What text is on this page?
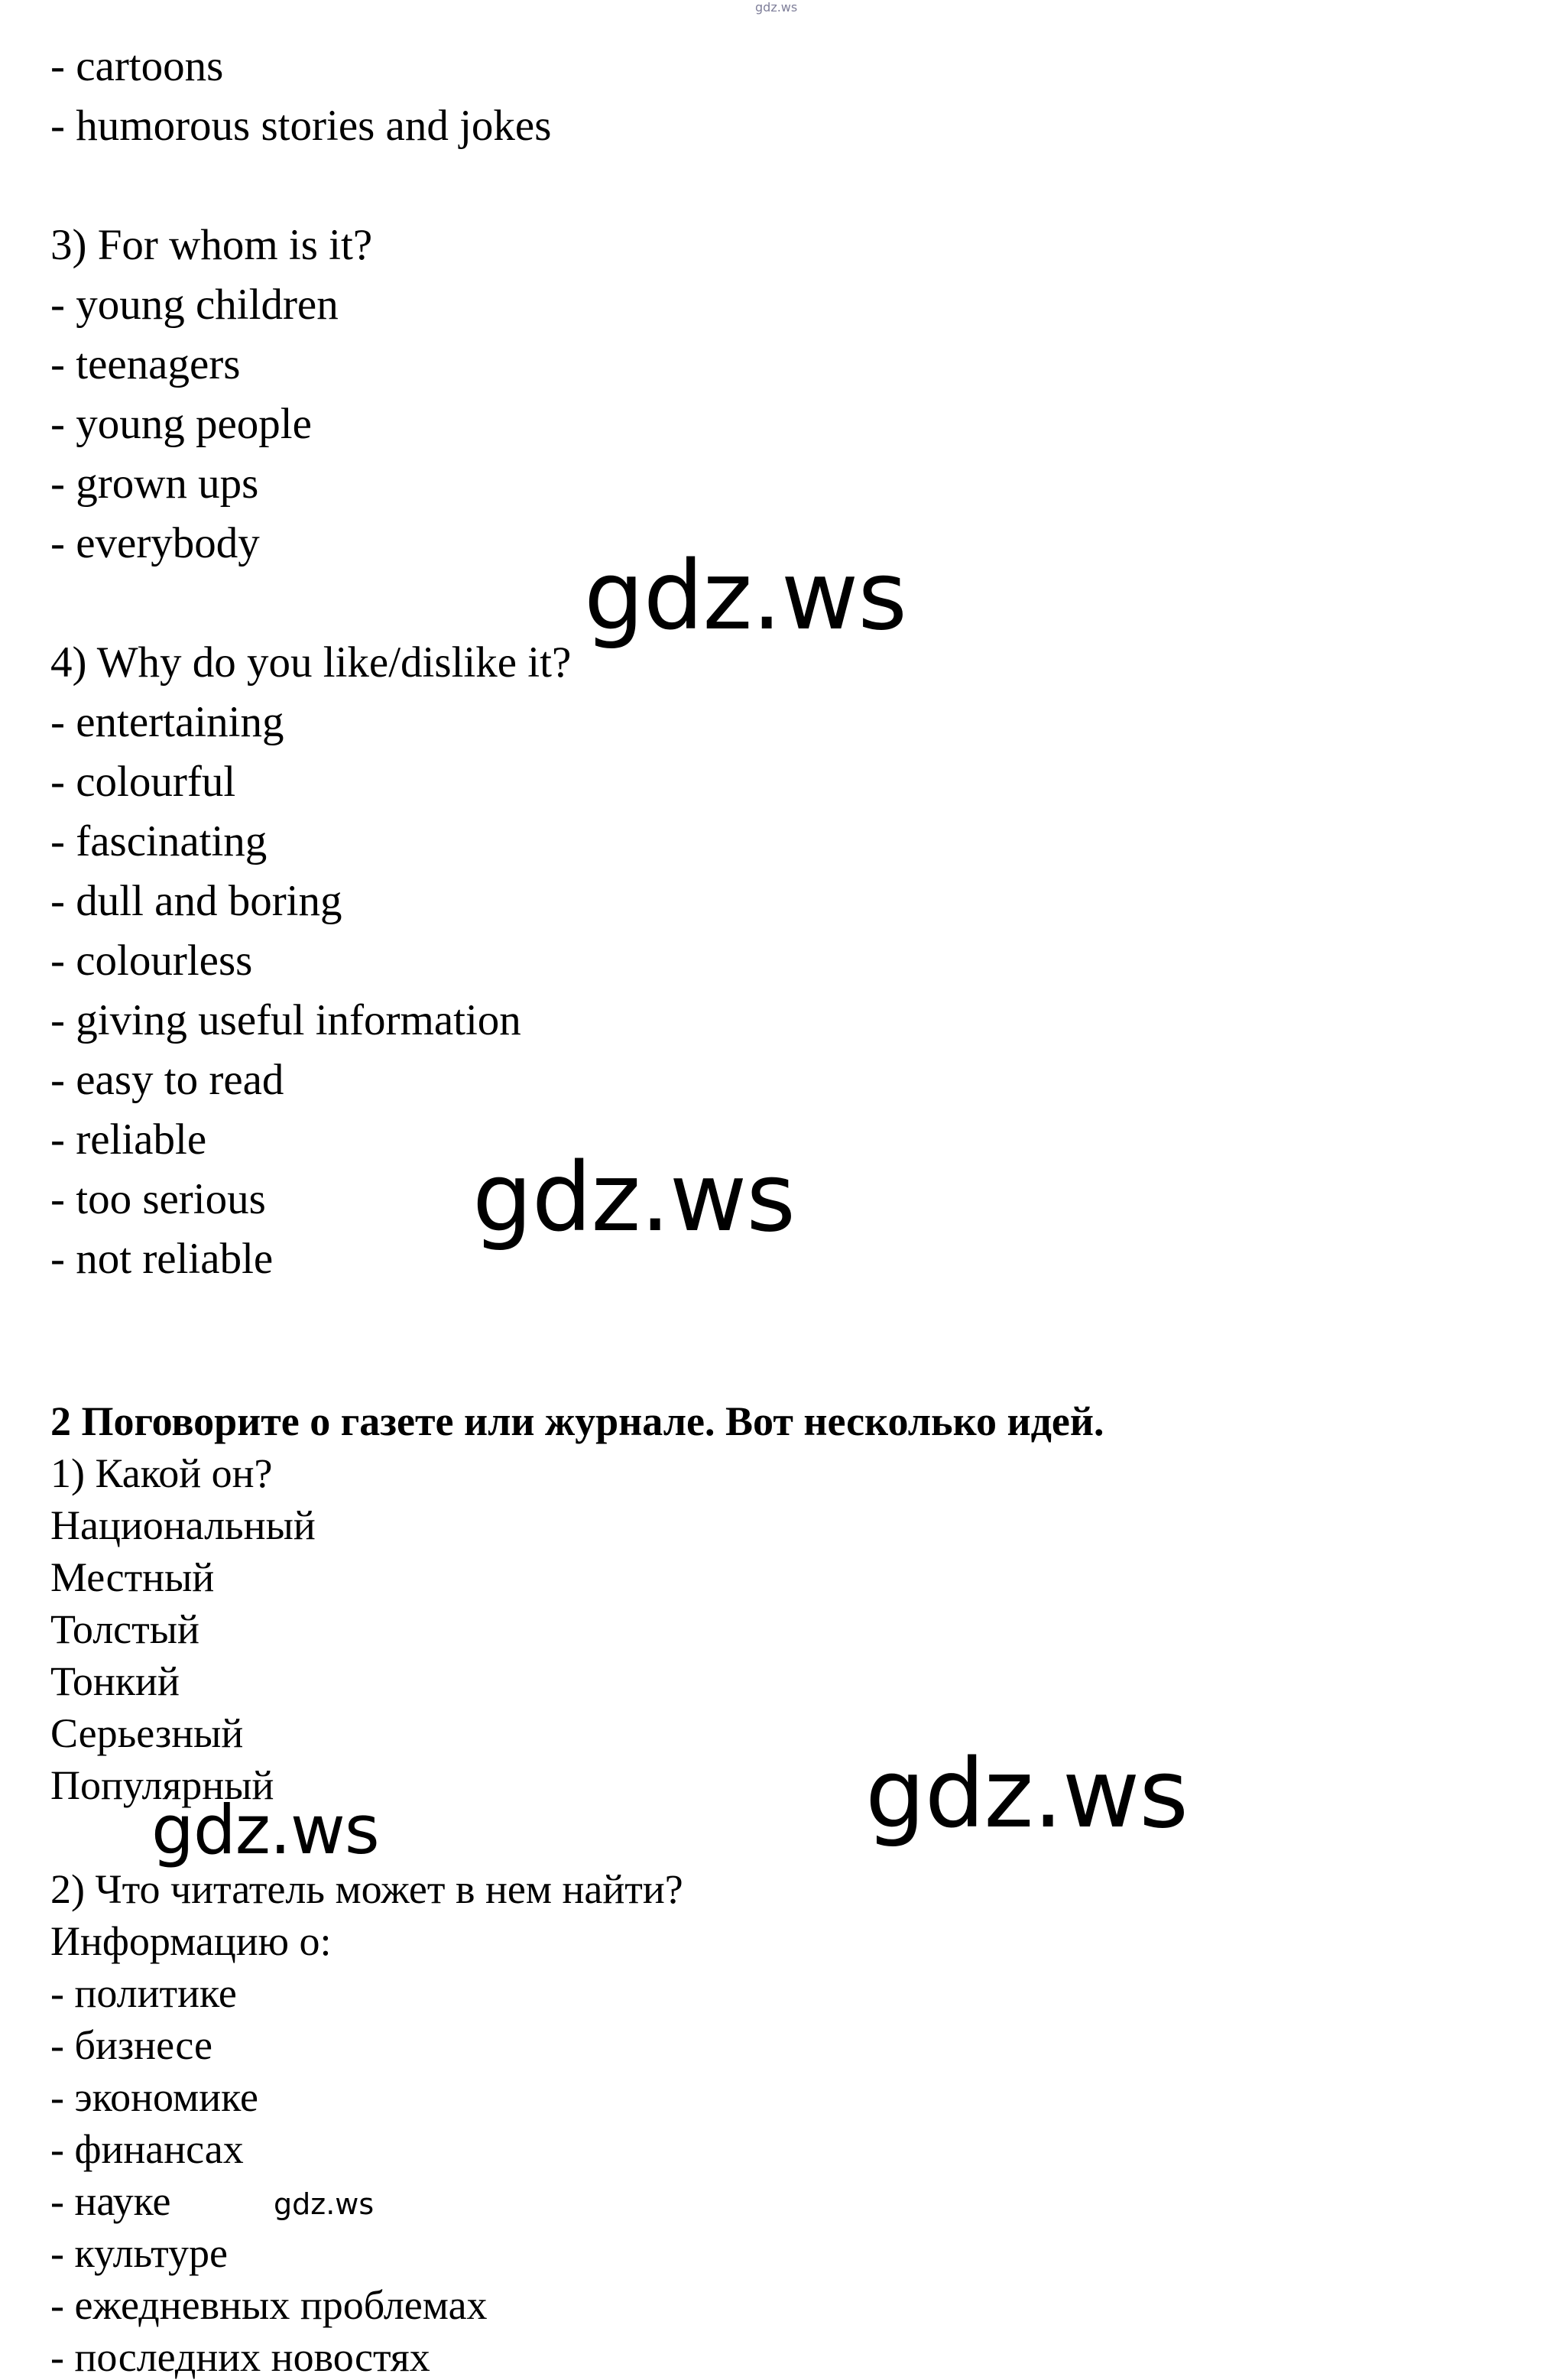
gdz.ws
- cartoons
- humorous stories and jokes
3) For whom is it?
- young children
- teenagers
- young people
- grown ups
- everybody
4) Why do you like/dislike it?
- entertaining
- colourful
- fascinating
- dull and boring
- colourless
- giving useful information
- easy to read
- reliable
- too serious
- not reliable
2 Поговорите о газете или журнале. Вот несколько идей.
1) Какой он?
Национальный
Местный
Толстый
Тонкий
Серьезный
Популярный
2) Что читатель может в нем найти?
Информацию о:
- политике
- бизнесе
- экономике
- финансах
- науке
- культуре
- ежедневных проблемах
- последних новостях
gdz.ws
gdz.ws
gdz.ws
gdz.ws
gdz.ws
